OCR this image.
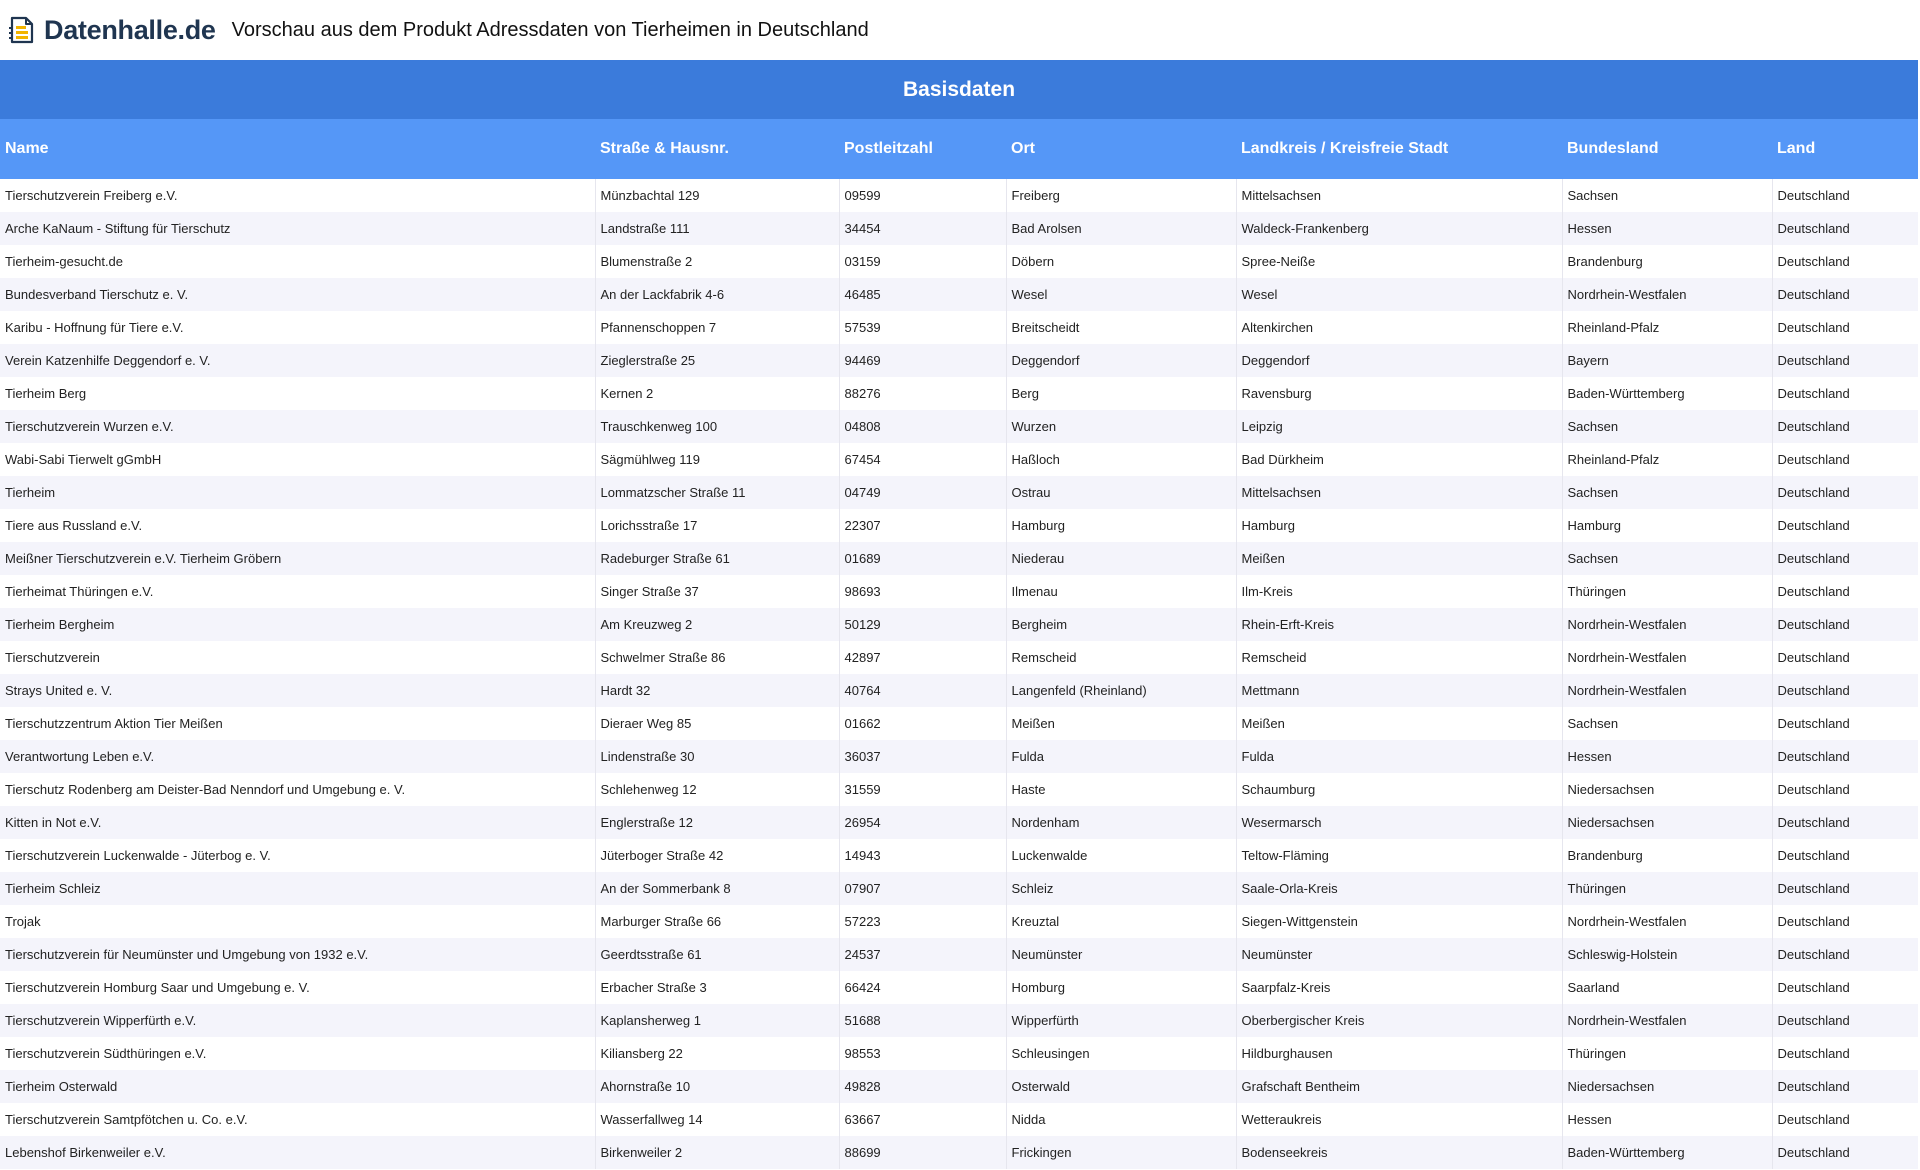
Datenhalle.de Vorschau aus dem Produkt Adressdaten von Tierheimen in Deutschland
Basisdaten						
Name	Straße & Hausnr.	Postleitzahl	Ort	Landkreis / Kreisfreie Stadt	Bundesland	Land
Tierschutzverein Freiberg e.V.	Münzbachtal 129	09599	Freiberg	Mittelsachsen	Sachsen	Deutschland
Arche KaNaum - Stiftung für Tierschutz	Landstraße 111	34454	Bad Arolsen	Waldeck-Frankenberg	Hessen	Deutschland
Tierheim-gesucht.de	Blumenstraße 2	03159	Döbern	Spree-Neiße	Brandenburg	Deutschland
Bundesverband Tierschutz e. V.	An der Lackfabrik 4-6	46485	Wesel	Wesel	Nordrhein-Westfalen	Deutschland
Karibu - Hoffnung für Tiere e.V.	Pfannenschoppen 7	57539	Breitscheidt	Altenkirchen	Rheinland-Pfalz	Deutschland
Verein Katzenhilfe Deggendorf e. V.	Zieglerstraße 25	94469	Deggendorf	Deggendorf	Bayern	Deutschland
Tierheim Berg	Kernen 2	88276	Berg	Ravensburg	Baden-Württemberg	Deutschland
Tierschutzverein Wurzen e.V.	Trauschkenweg 100	04808	Wurzen	Leipzig	Sachsen	Deutschland
Wabi-Sabi Tierwelt gGmbH	Sägmühlweg 119	67454	Haßloch	Bad Dürkheim	Rheinland-Pfalz	Deutschland
Tierheim	Lommatzscher Straße 11	04749	Ostrau	Mittelsachsen	Sachsen	Deutschland
Tiere aus Russland e.V.	Lorichsstraße 17	22307	Hamburg	Hamburg	Hamburg	Deutschland
Meißner Tierschutzverein e.V. Tierheim Gröbern	Radeburger Straße 61	01689	Niederau	Meißen	Sachsen	Deutschland
Tierheimat Thüringen e.V.	Singer Straße 37	98693	Ilmenau	Ilm-Kreis	Thüringen	Deutschland
Tierheim Bergheim	Am Kreuzweg 2	50129	Bergheim	Rhein-Erft-Kreis	Nordrhein-Westfalen	Deutschland
Tierschutzverein	Schwelmer Straße 86	42897	Remscheid	Remscheid	Nordrhein-Westfalen	Deutschland
Strays United e. V.	Hardt 32	40764	Langenfeld (Rheinland)	Mettmann	Nordrhein-Westfalen	Deutschland
Tierschutzzentrum Aktion Tier Meißen	Dieraer Weg 85	01662	Meißen	Meißen	Sachsen	Deutschland
Verantwortung Leben e.V.	Lindenstraße 30	36037	Fulda	Fulda	Hessen	Deutschland
Tierschutz Rodenberg am Deister-Bad Nenndorf und Umgebung e. V.	Schlehenweg 12	31559	Haste	Schaumburg	Niedersachsen	Deutschland
Kitten in Not e.V.	Englerstraße 12	26954	Nordenham	Wesermarsch	Niedersachsen	Deutschland
Tierschutzverein Luckenwalde - Jüterbog e. V.	Jüterboger Straße 42	14943	Luckenwalde	Teltow-Fläming	Brandenburg	Deutschland
Tierheim Schleiz	An der Sommerbank 8	07907	Schleiz	Saale-Orla-Kreis	Thüringen	Deutschland
Trojak	Marburger Straße 66	57223	Kreuztal	Siegen-Wittgenstein	Nordrhein-Westfalen	Deutschland
Tierschutzverein für Neumünster und Umgebung von 1932 e.V.	Geerdtsstraße 61	24537	Neumünster	Neumünster	Schleswig-Holstein	Deutschland
Tierschutzverein Homburg Saar und Umgebung e. V.	Erbacher Straße 3	66424	Homburg	Saarpfalz-Kreis	Saarland	Deutschland
Tierschutzverein Wipperfürth e.V.	Kaplansherweg 1	51688	Wipperfürth	Oberbergischer Kreis	Nordrhein-Westfalen	Deutschland
Tierschutzverein Südthüringen e.V.	Kiliansberg 22	98553	Schleusingen	Hildburghausen	Thüringen	Deutschland
Tierheim Osterwald	Ahornstraße 10	49828	Osterwald	Grafschaft Bentheim	Niedersachsen	Deutschland
Tierschutzverein Samtpfötchen u. Co. e.V.	Wasserfallweg 14	63667	Nidda	Wetteraukreis	Hessen	Deutschland
Lebenshof Birkenweiler e.V.	Birkenweiler 2	88699	Frickingen	Bodenseekreis	Baden-Württemberg	Deutschland
